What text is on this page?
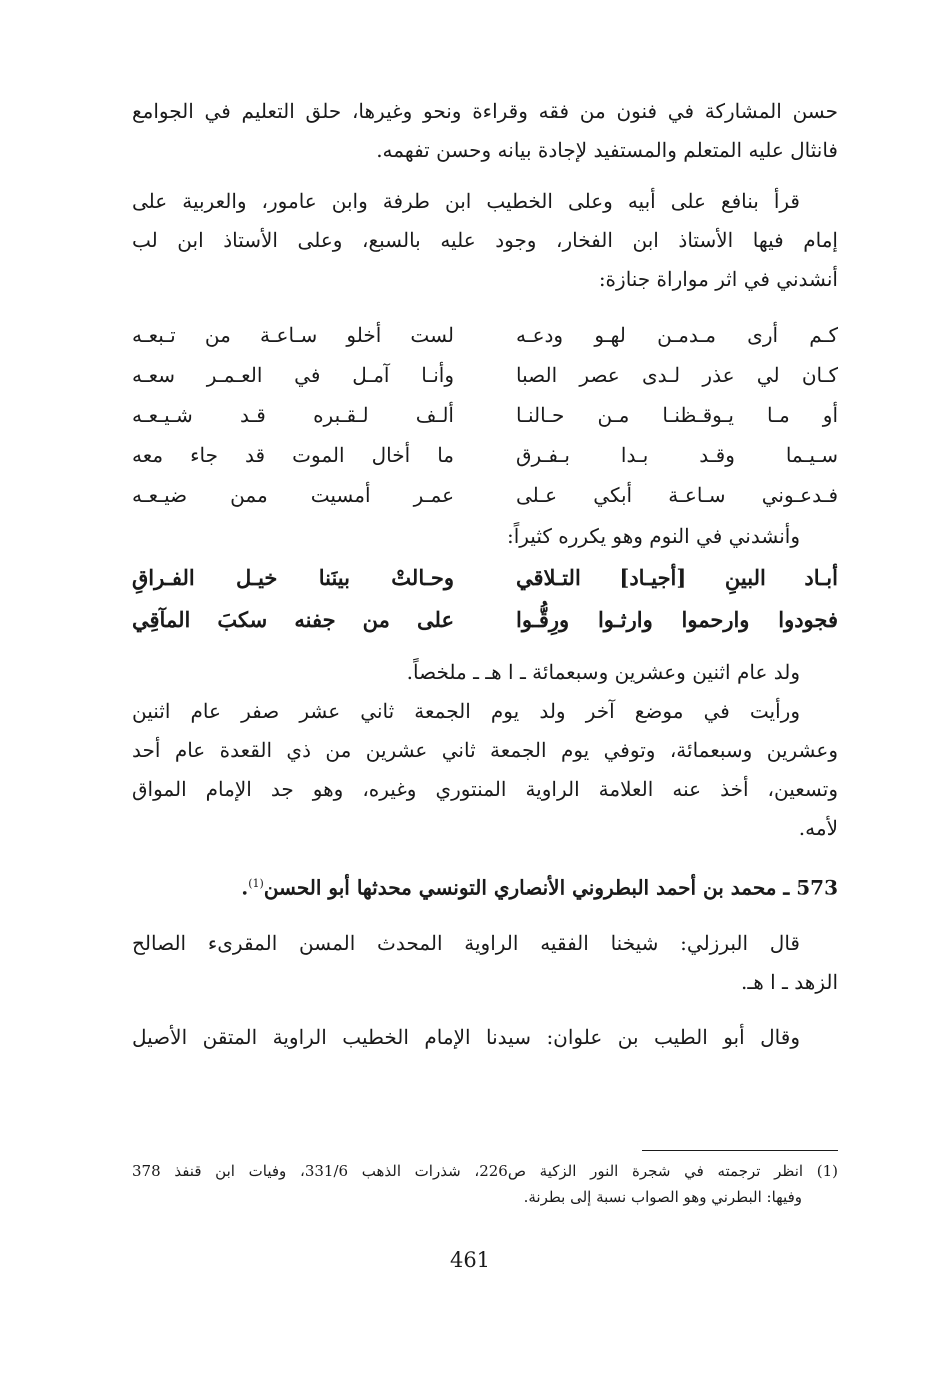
حسن المشاركة في فنون من فقه وقراءة ونحو وغيرها، حلق التعليم في الجوامع
فانثال عليه المتعلم والمستفيد لإجادة بيانه وحسن تفهمه.

قرأ بنافع على أبيه وعلى الخطيب ابن طرفة وابن عامور، والعربية على
إمام فيها الأستاذ ابن الفخار، وجود عليه بالسبع، وعلى الأستاذ ابن لب
أنشدني في اثر مواراة جنازة:

كـم أرى مـدمـن لهـو ودعـه
لست أخلو سـاعـة من تـبعـه
كـان لي عذر لـدى عصر الصبا
وأنـا آمـل في العـمـر سعـه
أو مـا يـوقـظنـا مـن حـالنـا
ألـف لـقـبره قـد شـيـعـه
سـيـما وقـد بـدا بـفـرق
ما أخال الموت قد جاء معه
فـدعـوني سـاعـة أبكي عـلى
عمـر أمسيت ممن ضيـعـه

وأنشدني في النوم وهو يكرره كثيراً:

أبـاد البينِ [أجيـاد] التـلاقي
وحـالتْ بينَنا خيـل الفـراقِ
فجودوا وارحموا وارثـوا ورِقُّـوا
على من جفنه سكبَ المآقِي

ولد عام اثنين وعشرين وسبعمائة ـ ا هـ ـ ملخصاً.

ورأيت في موضع آخر ولد يوم الجمعة ثاني عشر صفر عام اثنين
وعشرين وسبعمائة، وتوفي يوم الجمعة ثاني عشرين من ذي القعدة عام أحد
وتسعين، أخذ عنه العلامة الراوية المنتوري وغيره، وهو جد الإمام المواق
لأمه.

573 ـ محمد بن أحمد البطروني الأنصاري التونسي محدثها أبو الحسن$^{(1)}$.

قال البرزلي: شيخنا الفقيه الراوية المحدث المسن المقرىء الصالح
الزهد ـ ا هـ.

وقال أبو الطيب بن علوان: سيدنا الإمام الخطيب الراوية المتقن الأصيل

(1) انظر ترجمته في شجرة النور الزكية ص226، شذرات الذهب 331/6، وفيات ابن قنفذ 378
وفيها: البطرني وهو الصواب نسبة إلى بطرنة.

461
